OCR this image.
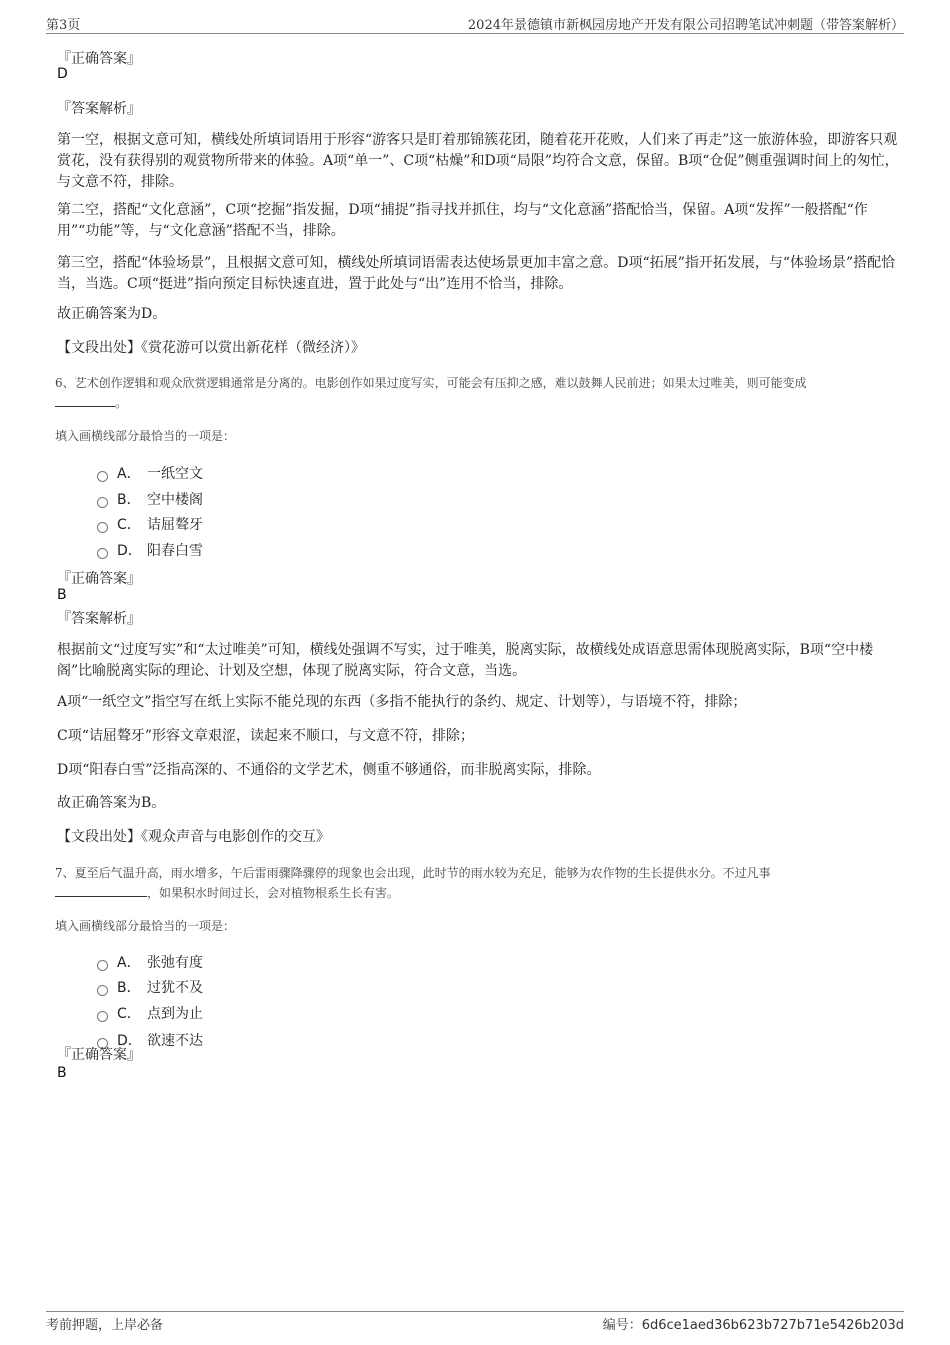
第3页	2024年景德镇市新枫园房地产开发有限公司招聘笔试冲刺题（带答案解析）
『正确答案』
D
『答案解析』
第一空，根据文意可知，横线处所填词语用于形容“游客只是盯着那锦簇花团，随着花开花败，人们来了再走”这一旅游体验，即游客只观赏花，没有获得别的观赏物所带来的体验。A项“单一”、C项“枯燥”和D项“局限”均符合文意，保留。B项“仓促”侧重强调时间上的匆忙，与文意不符，排除。
第二空，搭配“文化意涵”，C项“挖掘”指发掘，D项“捕捉”指寻找并抓住，均与“文化意涵”搭配恰当，保留。A项“发挥”一般搭配“作用”“功能”等，与“文化意涵”搭配不当，排除。
第三空，搭配“体验场景”，且根据文意可知，横线处所填词语需表达使场景更加丰富之意。D项“拓展”指开拓发展，与“体验场景”搭配恰当，当选。C项“挺进”指向预定目标快速直进，置于此处与“出”连用不恰当，排除。
故正确答案为D。
【文段出处】《赏花游可以赏出新花样（微经济）》
6、艺术创作逻辑和观众欣赏逻辑通常是分离的。电影创作如果过度写实，可能会有压抑之感，难以鼓舞人民前进；如果太过唯美，则可能变成
。
填入画横线部分最恰当的一项是：
A． 一纸空文
B． 空中楼阁
C． 诘屈聱牙
D． 阳春白雪
『正确答案』
B
『答案解析』
根据前文“过度写实”和“太过唯美”可知，横线处强调不写实，过于唯美，脱离实际，故横线处成语意思需体现脱离实际，B项“空中楼阁”比喻脱离实际的理论、计划及空想，体现了脱离实际，符合文意，当选。
A项“一纸空文”指空写在纸上实际不能兑现的东西（多指不能执行的条约、规定、计划等），与语境不符，排除；
C项“诘屈聱牙”形容文章艰涩，读起来不顺口，与文意不符，排除；
D项“阳春白雪”泛指高深的、不通俗的文学艺术，侧重不够通俗，而非脱离实际，排除。
故正确答案为B。
【文段出处】《观众声音与电影创作的交互》
7、夏至后气温升高，雨水增多，午后雷雨骤降骤停的现象也会出现，此时节的雨水较为充足，能够为农作物的生长提供水分。不过凡事
，如果积水时间过长，会对植物根系生长有害。
填入画横线部分最恰当的一项是：
A． 张弛有度
B． 过犹不及
C． 点到为止
D． 欲速不达
『正确答案』
B
考前押题，上岸必备	编号：6d6ce1aed36b623b727b71e5426b203d
